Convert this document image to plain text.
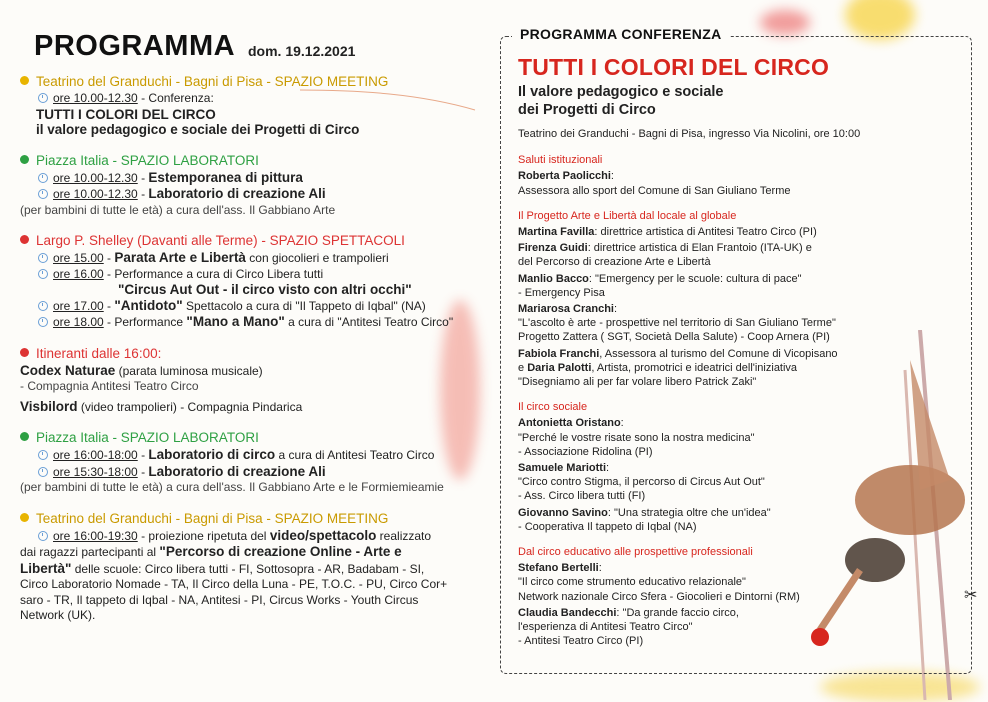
PROGRAMMA dom. 19.12.2021
Teatrino del Granduchi - Bagni di Pisa - SPAZIO MEETING
ore 10.00-12.30 - Conferenza:
TUTTI I COLORI DEL CIRCO
il valore pedagogico e sociale dei Progetti di Circo
Piazza Italia - SPAZIO LABORATORI
ore 10.00-12.30 - Estemporanea di pittura
ore 10.00-12.30 - Laboratorio di creazione Ali
(per bambini di tutte le età) a cura dell'ass. Il Gabbiano Arte
Largo P. Shelley (Davanti alle Terme) - SPAZIO SPETTACOLI
ore 15.00 - Parata Arte e Libertà con giocolieri e trampolieri
ore 16.00 - Performance a cura di Circo Libera tutti
"Circus Aut Out - il circo visto con altri occhi"
ore 17.00 - "Antidoto" Spettacolo a cura di "Il Tappeto di Iqbal" (NA)
ore 18.00 - Performance "Mano a Mano" a cura di "Antitesi Teatro Circo"
Itineranti dalle 16:00:
Codex Naturae (parata luminosa musicale)
- Compagnia Antitesi Teatro Circo
Visbilord (video trampolieri) - Compagnia Pindarica
Piazza Italia - SPAZIO LABORATORI
ore 16:00-18:00 - Laboratorio di circo a cura di Antitesi Teatro Circo
ore 15:30-18:00 - Laboratorio di creazione Ali
(per bambini di tutte le età) a cura dell'ass. Il Gabbiano Arte e le Formiemieamie
Teatrino del Granduchi - Bagni di Pisa - SPAZIO MEETING
ore 16:00-19:30 - proiezione ripetuta del video/spettacolo realizzato
dai ragazzi partecipanti al "Percorso di creazione Online - Arte e
Libertà" delle scuole: Circo libera tutti - FI, Sottosopra - AR, Badabam - SI,
Circo Laboratorio Nomade - TA, Il Circo della Luna - PE, T.O.C. - PU, Circo Cor+
saro - TR, Il tappeto di Iqbal - NA, Antitesi - PI, Circus Works - Youth Circus
Network (UK).
PROGRAMMA CONFERENZA
✂
TUTTI I COLORI DEL CIRCO
Il valore pedagogico e sociale
dei Progetti di Circo
Teatrino dei Granduchi - Bagni di Pisa, ingresso Via Nicolini, ore 10:00
Saluti istituzionali
Roberta Paolicchi:
Assessora allo sport del Comune di San Giuliano Terme
Il Progetto Arte e Libertà dal locale al globale
Martina Favilla: direttrice artistica di Antitesi Teatro Circo (PI)
Firenza Guidi: direttrice artistica di Elan Frantoio (ITA-UK) e
del Percorso di creazione Arte e Libertà
Manlio Bacco: "Emergency per le scuole: cultura di pace"
- Emergency Pisa
Mariarosa Cranchi:
"L'ascolto è arte - prospettive nel territorio di San Giuliano Terme"
Progetto Zattera ( SGT, Società Della Salute) - Coop Arnera (PI)
Fabiola Franchi, Assessora al turismo del Comune di Vicopisano
e Daria Palotti, Artista, promotrici e ideatrici dell'iniziativa
"Disegniamo ali per far volare libero Patrick Zaki"
Il circo sociale
Antonietta Oristano:
"Perché le vostre risate sono la nostra medicina"
- Associazione Ridolina (PI)
Samuele Mariotti:
"Circo contro Stigma, il percorso di Circus Aut Out"
- Ass. Circo libera tutti (FI)
Giovanno Savino: "Una strategia oltre che un'idea"
- Cooperativa Il tappeto di Iqbal (NA)
Dal circo educativo alle prospettive professionali
Stefano Bertelli:
"Il circo come strumento educativo relazionale"
Network nazionale Circo Sfera - Giocolieri e Dintorni (RM)
Claudia Bandecchi: "Da grande faccio circo,
l'esperienza di Antitesi Teatro Circo"
- Antitesi Teatro Circo (PI)
